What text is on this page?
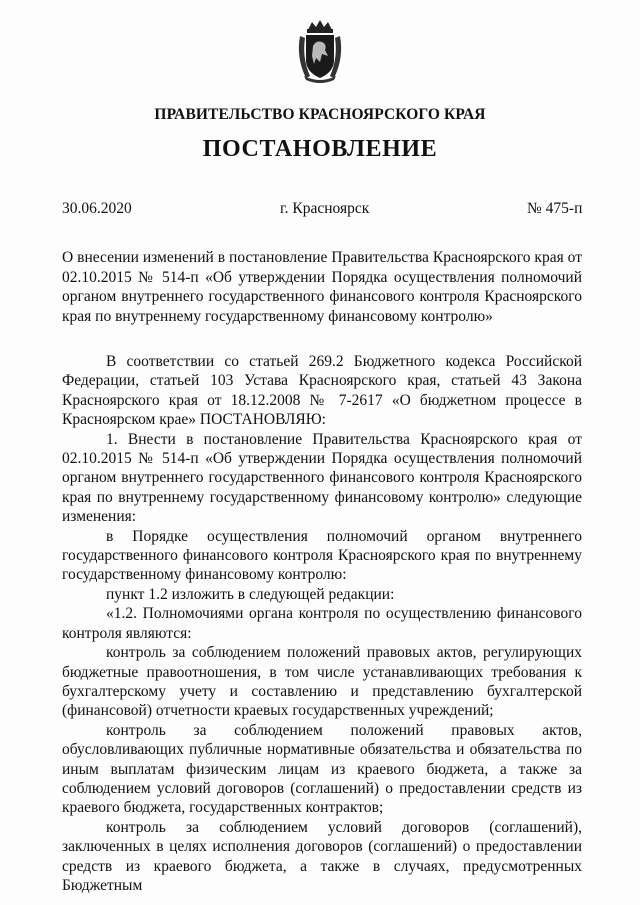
ПРАВИТЕЛЬСТВО КРАСНОЯРСКОГО КРАЯ
ПОСТАНОВЛЕНИЕ
30.06.2020	г. Красноярск	№ 475-п
О внесении изменений в постановление Правительства Красноярского края от 02.10.2015 № 514-п «Об утверждении Порядка осуществления полномочий органом внутреннего государственного финансового контроля Красноярского края по внутреннему государственному финансовому контролю»

В соответствии со статьей 269.2 Бюджетного кодекса Российской Федерации, статьей 103 Устава Красноярского края, статьей 43 Закона Красноярского края от 18.12.2008 № 7-2617 «О бюджетном процессе в Красноярском крае» ПОСТАНОВЛЯЮ:

1. Внести в постановление Правительства Красноярского края от 02.10.2015 № 514-п «Об утверждении Порядка осуществления полномочий органом внутреннего государственного финансового контроля Красноярского края по внутреннему государственному финансовому контролю» следующие изменения:

в Порядке осуществления полномочий органом внутреннего государственного финансового контроля Красноярского края по внутреннему государственному финансовому контролю:

пункт 1.2 изложить в следующей редакции:

«1.2. Полномочиями органа контроля по осуществлению финансового контроля являются:

контроль за соблюдением положений правовых актов, регулирующих бюджетные правоотношения, в том числе устанавливающих требования к бухгалтерскому учету и составлению и представлению бухгалтерской (финансовой) отчетности краевых государственных учреждений;

контроль за соблюдением положений правовых актов, обусловливающих публичные нормативные обязательства и обязательства по иным выплатам физическим лицам из краевого бюджета, а также за соблюдением условий договоров (соглашений) о предоставлении средств из краевого бюджета, государственных контрактов;

контроль за соблюдением условий договоров (соглашений), заключенных в целях исполнения договоров (соглашений) о предоставлении средств из краевого бюджета, а также в случаях, предусмотренных Бюджетным
